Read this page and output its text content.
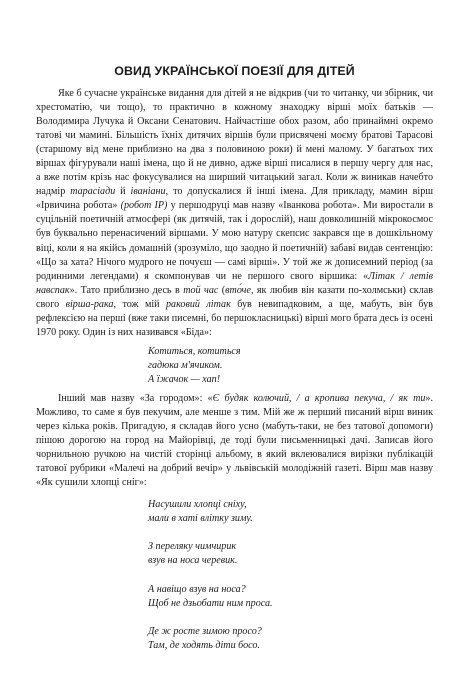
ОВИД УКРАЇНСЬКОЇ ПОЕЗІЇ ДЛЯ ДІТЕЙ

Яке б сучасне українське видання для дітей я не відкрив (чи то читанку, чи збірник, чи хрестоматію, чи тощо), то практично в кожному знаходжу вірші моїх батьків — Володимира Лучука й Оксани Сенатович. Найчастіше обох разом, або принаймні окремо татові чи мамині. Більшість їхніх дитячих віршів були присвячені моєму братові Тарасові (старшому від мене приблизно на два з половиною роки) й мені малому. У багатьох тих віршах фігурували наші імена, що й не дивно, адже вірші писалися в першу чергу для нас, а вже потім крізь нас фокусувалися на ширший читацький загал. Коли ж виникав начебто надмір тарасіади й іваніани, то допускалися й інші імена. Для прикладу, мамин вірш «Ірвичина робота» (робот ІР) у першодруці мав назву «Іванкова робота». Ми виростали в суцільній поетичній атмосфері (як дитячій, так і дорослій), наш довколишній мікрокосмос був буквально перенасичений віршами. У мою натуру скепсис закрався ще в дошкільному віці, коли я на якійсь домашній (зрозуміло, що заодно й поетичній) забаві видав сентенцію: «Що за хата? Нічого мудрого не почуєш — самі вірші». У той же ж дописемний період (за родинними легендами) я скомпонував чи не першого свого віршика: «Літак / летів навспак». Тато приблизно десь в той час (вто́че, як любив він казати по-холмськи) склав свого вірша-рака, тож мій раковий літак був невипадковим, а ще, мабуть, він був рефлексією на перші (вже таки писемні, бо першокласницькі) вірші мого брата десь із осені 1970 року. Один із них називався «Біда»:

Котиться, котиться
гадюка м'ячиком.
А їжачок — хап!

Інший мав назву «За городом»: «Є будяк колючий, / а кропива пекуча, / як ти». Можливо, то саме я був пекучим, але менше з тим. Мій же ж перший писаний вірш виник через кілька років. Пригадую, я складав його усно (мабуть-таки, не без татової допомоги) пішою дорогою на город на Майорівці, де тоді були письменницькі дачі. Записав його чорнильною ручкою на чистій сторінці альбому, в який вклеювалися вирізки публікацій татової рубрики «Малечі на добрий вечір» у львівській молодіжній газеті. Вірш мав назву «Як сушили хлопці сніг»:

Насушили хлопці сніху,
мали в хаті влітку зиму.
З переляку чимчирик
взув на носа черевик.
А навіщо взув на носа?
Щоб не дзьобати ним проса.
Де ж росте зимою просо?
Там, де ходять діти босо.
